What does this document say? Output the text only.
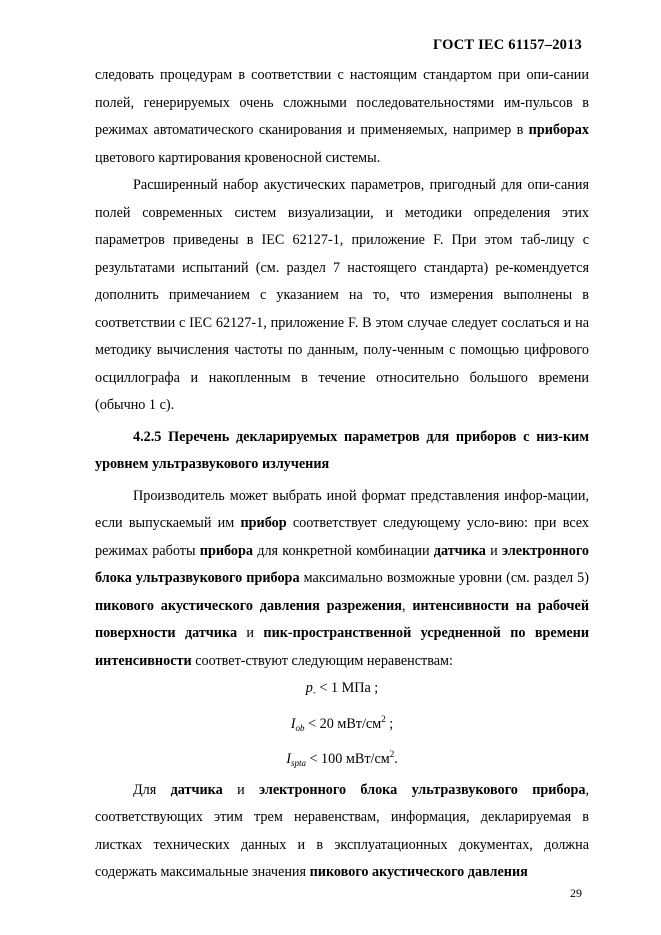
ГОСТ IEC 61157–2013

следовать процедурам в соответствии с настоящим стандартом при опи-сании полей, генерируемых очень сложными последовательностями им-пульсов в режимах автоматического сканирования и применяемых, например в приборах цветового картирования кровеносной системы.

Расширенный набор акустических параметров, пригодный для опи-сания полей современных систем визуализации, и методики определения этих параметров приведены в IEC 62127-1, приложение F. При этом таб-лицу с результатами испытаний (см. раздел 7 настоящего стандарта) ре-комендуется дополнить примечанием с указанием на то, что измерения выполнены в соответствии с IEC 62127-1, приложение F. В этом случае следует сослаться и на методику вычисления частоты по данным, полу-ченным с помощью цифрового осциллографа и накопленным в течение относительно большого времени (обычно 1 с).

4.2.5 Перечень декларируемых параметров для приборов с низ-ким уровнем ультразвукового излучения

Производитель может выбрать иной формат представления инфор-мации, если выпускаемый им прибор соответствует следующему усло-вию: при всех режимах работы прибора для конкретной комбинации датчика и электронного блока ультразвукового прибора максимально возможные уровни (см. раздел 5) пикового акустического давления разрежения, интенсивности на рабочей поверхности датчика и пик-пространственной усредненной по времени интенсивности соответ-ствуют следующим неравенствам:

$p_- < 1$ МПа ;
$I_{ob} < 20$ мВт/$см^2$ ;
$I_{spta} < 100$ мВт/$см^2$.

Для датчика и электронного блока ультразвукового прибора, соответствующих этим трем неравенствам, информация, декларируемая в листках технических данных и в эксплуатационных документах, должна содержать максимальные значения пикового акустического давления

29
